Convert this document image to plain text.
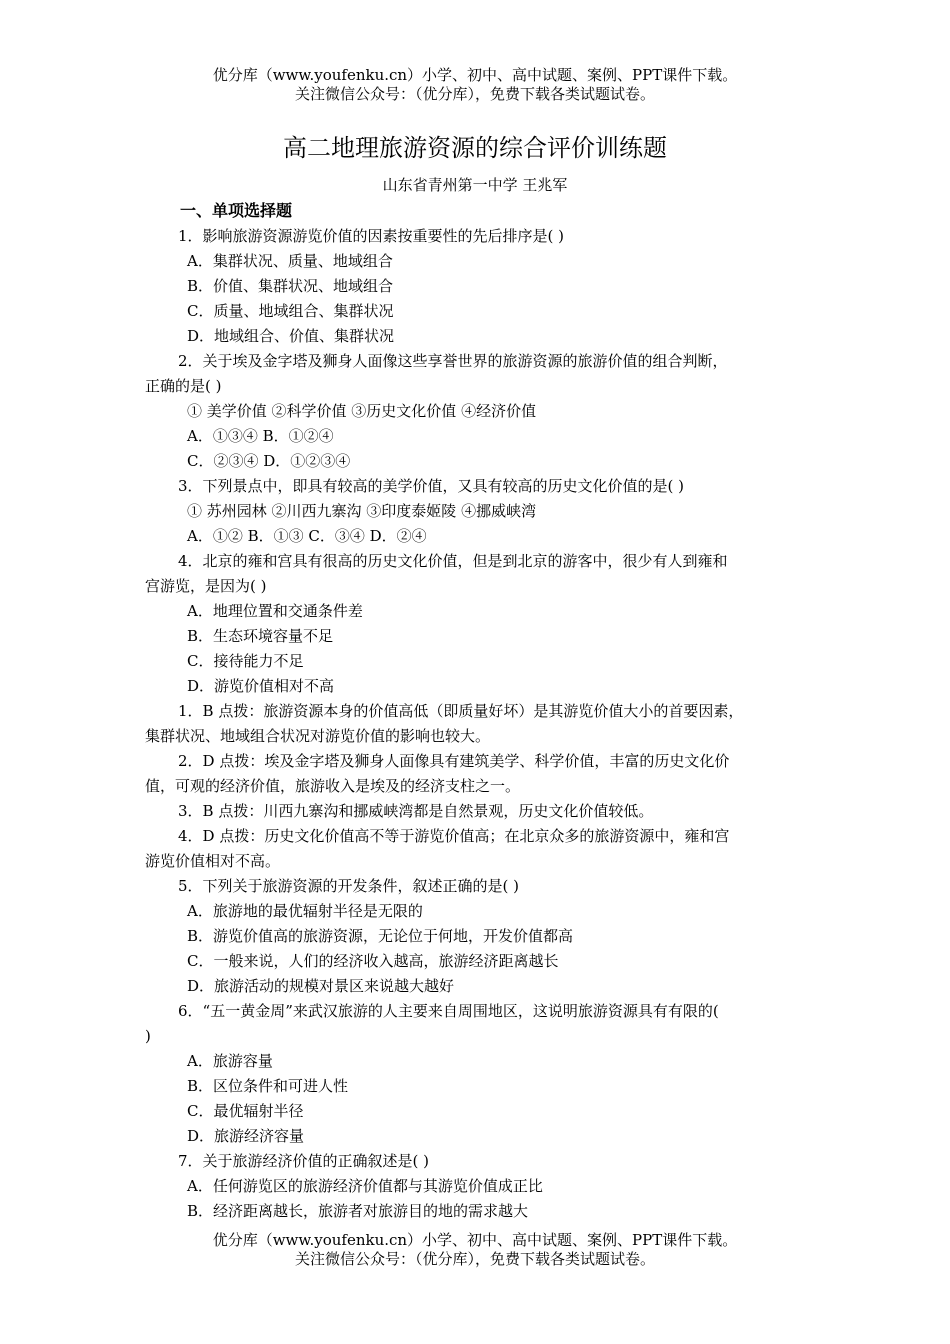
优分库（www.youfenku.cn）小学、初中、高中试题、案例、PPT课件下载。
关注微信公众号：（优分库），免费下载各类试题试卷。
高二地理旅游资源的综合评价训练题
山东省青州第一中学 王兆军
一、单项选择题
1．影响旅游资源游览价值的因素按重要性的先后排序是( )
A．集群状况、质量、地域组合
B．价值、集群状况、地域组合
C．质量、地域组合、集群状况
D．地域组合、价值、集群状况
2．关于埃及金字塔及狮身人面像这些享誉世界的旅游资源的旅游价值的组合判断，
正确的是( )
① 美学价值 ②科学价值 ③历史文化价值 ④经济价值
A．①③④ B．①②④
C．②③④ D．①②③④
3．下列景点中，即具有较高的美学价值，又具有较高的历史文化价值的是( )
① 苏州园林 ②川西九寨沟 ③印度泰姬陵 ④挪威峡湾
A．①② B．①③ C．③④ D．②④
4．北京的雍和宫具有很高的历史文化价值，但是到北京的游客中，很少有人到雍和
宫游览，是因为( )
A．地理位置和交通条件差
B．生态环境容量不足
C．接待能力不足
D．游览价值相对不高
1．B 点拨：旅游资源本身的价值高低（即质量好坏）是其游览价值大小的首要因素，
集群状况、地域组合状况对游览价值的影响也较大。
2．D 点拨：埃及金字塔及狮身人面像具有建筑美学、科学价值，丰富的历史文化价
值，可观的经济价值，旅游收入是埃及的经济支柱之一。
3．B 点拨：川西九寨沟和挪威峡湾都是自然景观，历史文化价值较低。
4．D 点拨：历史文化价值高不等于游览价值高；在北京众多的旅游资源中，雍和宫
游览价值相对不高。
5．下列关于旅游资源的开发条件，叙述正确的是( )
A．旅游地的最优辐射半径是无限的
B．游览价值高的旅游资源，无论位于何地，开发价值都高
C．一般来说，人们的经济收入越高，旅游经济距离越长
D．旅游活动的规模对景区来说越大越好
6．“五一黄金周”来武汉旅游的人主要来自周围地区，这说明旅游资源具有有限的(
)
A．旅游容量
B．区位条件和可进人性
C．最优辐射半径
D．旅游经济容量
7．关于旅游经济价值的正确叙述是( )
A．任何游览区的旅游经济价值都与其游览价值成正比
B．经济距离越长，旅游者对旅游目的地的需求越大
优分库（www.youfenku.cn）小学、初中、高中试题、案例、PPT课件下载。
关注微信公众号：（优分库），免费下载各类试题试卷。
